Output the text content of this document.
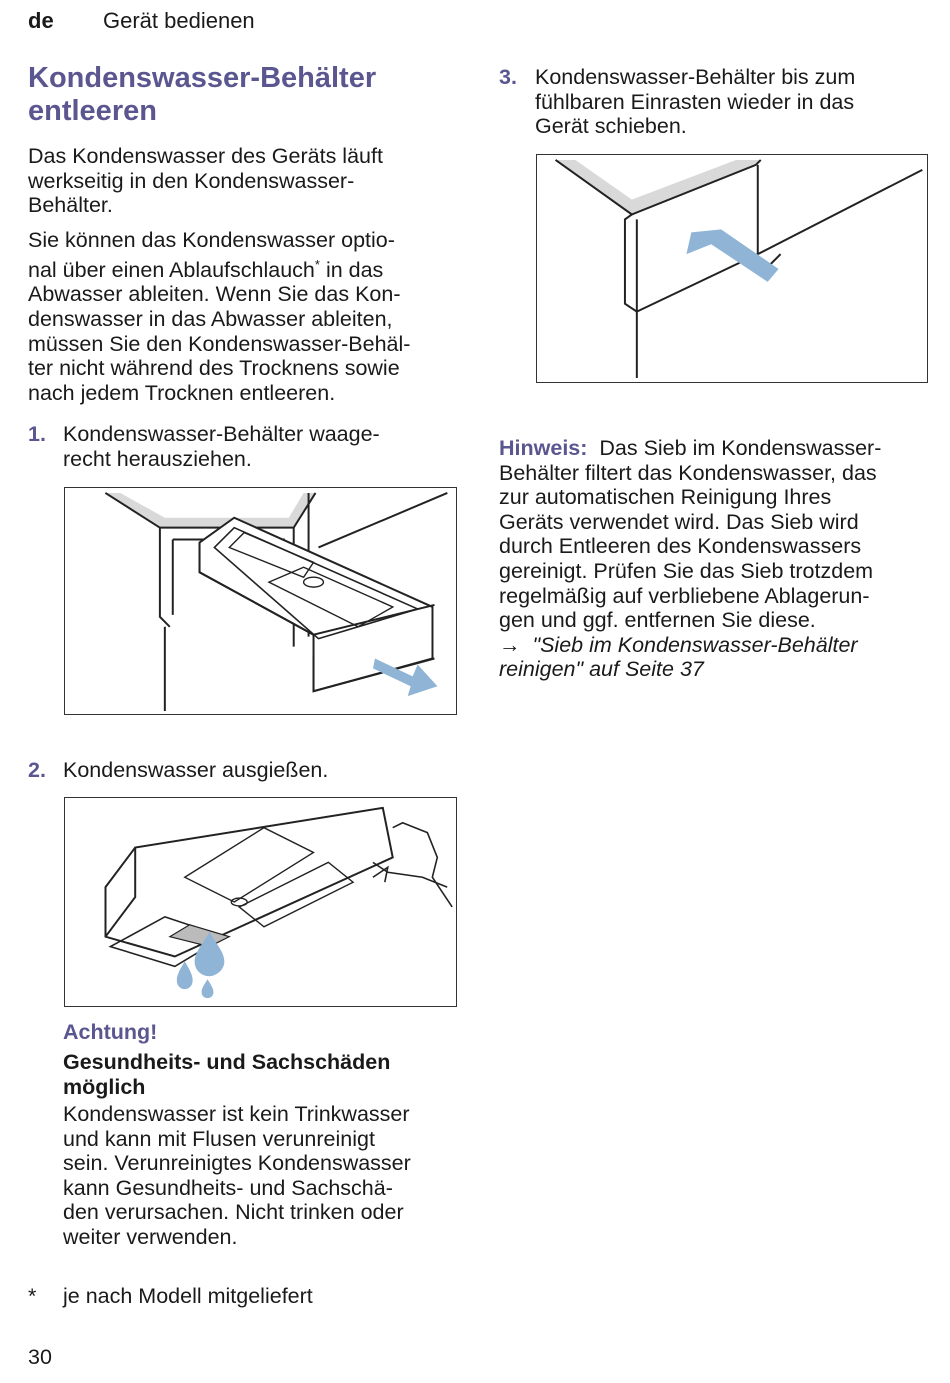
de Gerät bedienen
Kondenswasser-Behälter
entleeren
Das Kondenswasser des Geräts läuft
werkseitig in den Kondenswasser-
Behälter.
Sie können das Kondenswasser optio-
nal über einen Ablaufschlauch* in das
Abwasser ableiten. Wenn Sie das Kon-
denswasser in das Abwasser ableiten,
müssen Sie den Kondenswasser-Behäl-
ter nicht während des Trocknens sowie
nach jedem Trocknen entleeren.
1. Kondenswasser-Behälter waage-
recht herausziehen.
2. Kondenswasser ausgießen.
Achtung!
Gesundheits- und Sachschäden
möglich
Kondenswasser ist kein Trinkwasser
und kann mit Flusen verunreinigt
sein. Verunreinigtes Kondenswasser
kann Gesundheits- und Sachschä-
den verursachen. Nicht trinken oder
weiter verwenden.
* je nach Modell mitgeliefert
30
3. Kondenswasser-Behälter bis zum
fühlbaren Einrasten wieder in das
Gerät schieben.
Hinweis: Das Sieb im Kondenswasser-
Behälter filtert das Kondenswasser, das
zur automatischen Reinigung Ihres
Geräts verwendet wird. Das Sieb wird
durch Entleeren des Kondenswassers
gereinigt. Prüfen Sie das Sieb trotzdem
regelmäßig auf verbliebene Ablagerun-
gen und ggf. entfernen Sie diese.
→ "Sieb im Kondenswasser-Behälter
reinigen" auf Seite 37
